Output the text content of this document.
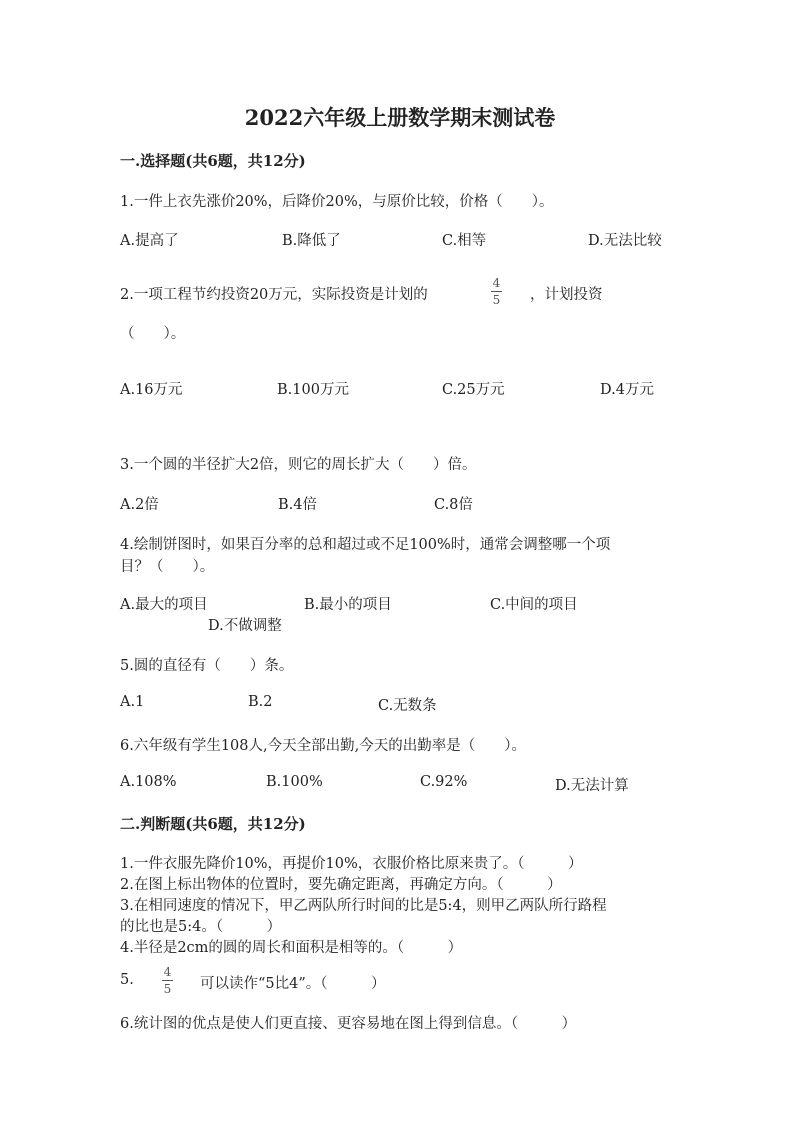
2022六年级上册数学期末测试卷
一.选择题(共6题，共12分)
1.一件上衣先涨价20%，后降价20%，与原价比较，价格（　　）。
A.提高了	B.降低了	C.相等	D.无法比较
2.一项工程节约投资20万元，实际投资是计划的
4
5 ，计划投资
（　　）。
A.16万元	B.100万元	C.25万元	D.4万元
3.一个圆的半径扩大2倍，则它的周长扩大（　　）倍。
A.2倍	B.4倍	C.8倍
4.绘制饼图时，如果百分率的总和超过或不足100%时，通常会调整哪一个项
目？（　　）。
A.最大的项目	B.最小的项目	C.中间的项目
D.不做调整
5.圆的直径有（　　）条。
A.1	B.2	C.无数条
6.六年级有学生108人,今天全部出勤,今天的出勤率是（　　）。
A.108%	B.100%	C.92%	D.无法计算
二.判断题(共6题，共12分)
1.一件衣服先降价10%，再提价10%，衣服价格比原来贵了。（　　　）
2.在图上标出物体的位置时，要先确定距离，再确定方向。（　　　）
3.在相同速度的情况下，甲乙两队所行时间的比是5:4，则甲乙两队所行路程
的比也是5:4。（　　　）
4.半径是2cm的圆的周长和面积是相等的。（　　　）
5. 4
5 可以读作“5比4”。（　　　）
6.统计图的优点是使人们更直接、更容易地在图上得到信息。（　　　）
